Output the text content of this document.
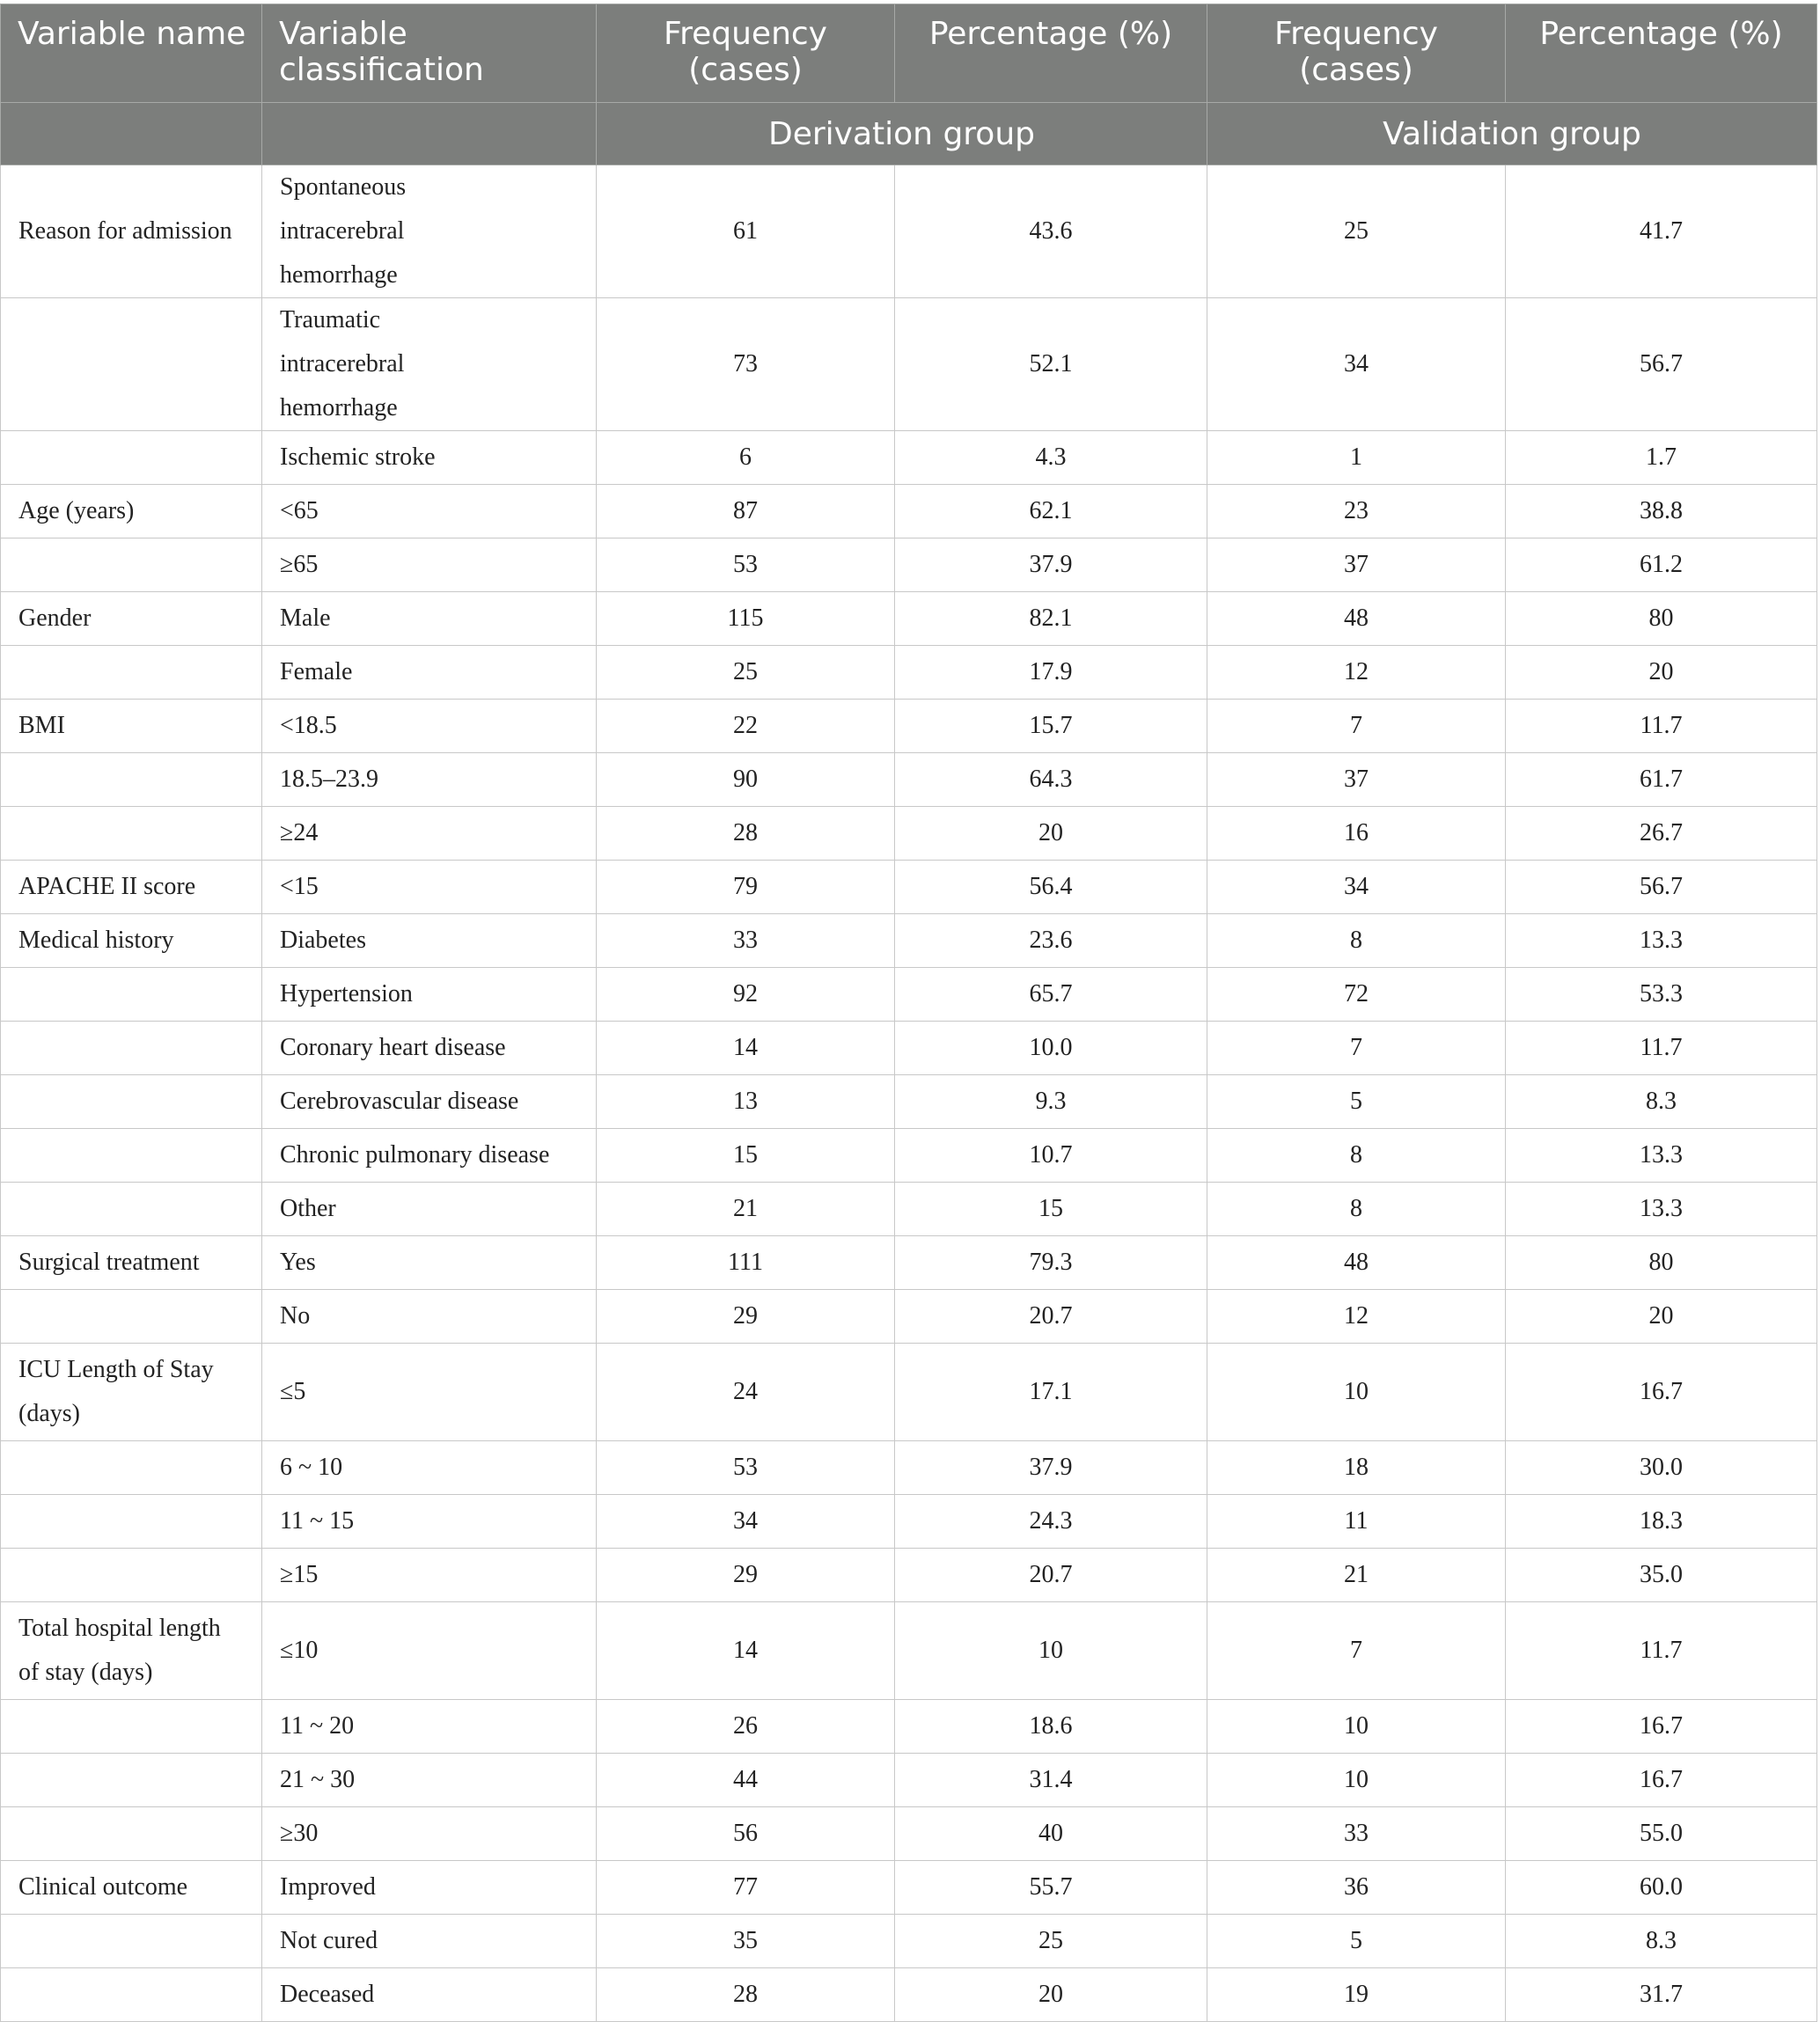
Variable name	Variable classification	Frequency (cases)	Percentage (%)	Frequency (cases)	Percentage (%)
		Derivation group		Validation group	
Reason for admission	Spontaneous intracerebral hemorrhage	61	43.6	25	41.7
	Traumatic intracerebral hemorrhage	73	52.1	34	56.7
	Ischemic stroke	6	4.3	1	1.7
Age (years)	<65	87	62.1	23	38.8
	≥65	53	37.9	37	61.2
Gender	Male	115	82.1	48	80
	Female	25	17.9	12	20
BMI	<18.5	22	15.7	7	11.7
	18.5–23.9	90	64.3	37	61.7
	≥24	28	20	16	26.7
APACHE II score	<15	79	56.4	34	56.7
Medical history	Diabetes	33	23.6	8	13.3
	Hypertension	92	65.7	72	53.3
	Coronary heart disease	14	10.0	7	11.7
	Cerebrovascular disease	13	9.3	5	8.3
	Chronic pulmonary disease	15	10.7	8	13.3
	Other	21	15	8	13.3
Surgical treatment	Yes	111	79.3	48	80
	No	29	20.7	12	20
ICU Length of Stay (days)	≤5	24	17.1	10	16.7
	6 ~ 10	53	37.9	18	30.0
	11 ~ 15	34	24.3	11	18.3
	≥15	29	20.7	21	35.0
Total hospital length of stay (days)	≤10	14	10	7	11.7
	11 ~ 20	26	18.6	10	16.7
	21 ~ 30	44	31.4	10	16.7
	≥30	56	40	33	55.0
Clinical outcome	Improved	77	55.7	36	60.0
	Not cured	35	25	5	8.3
	Deceased	28	20	19	31.7
